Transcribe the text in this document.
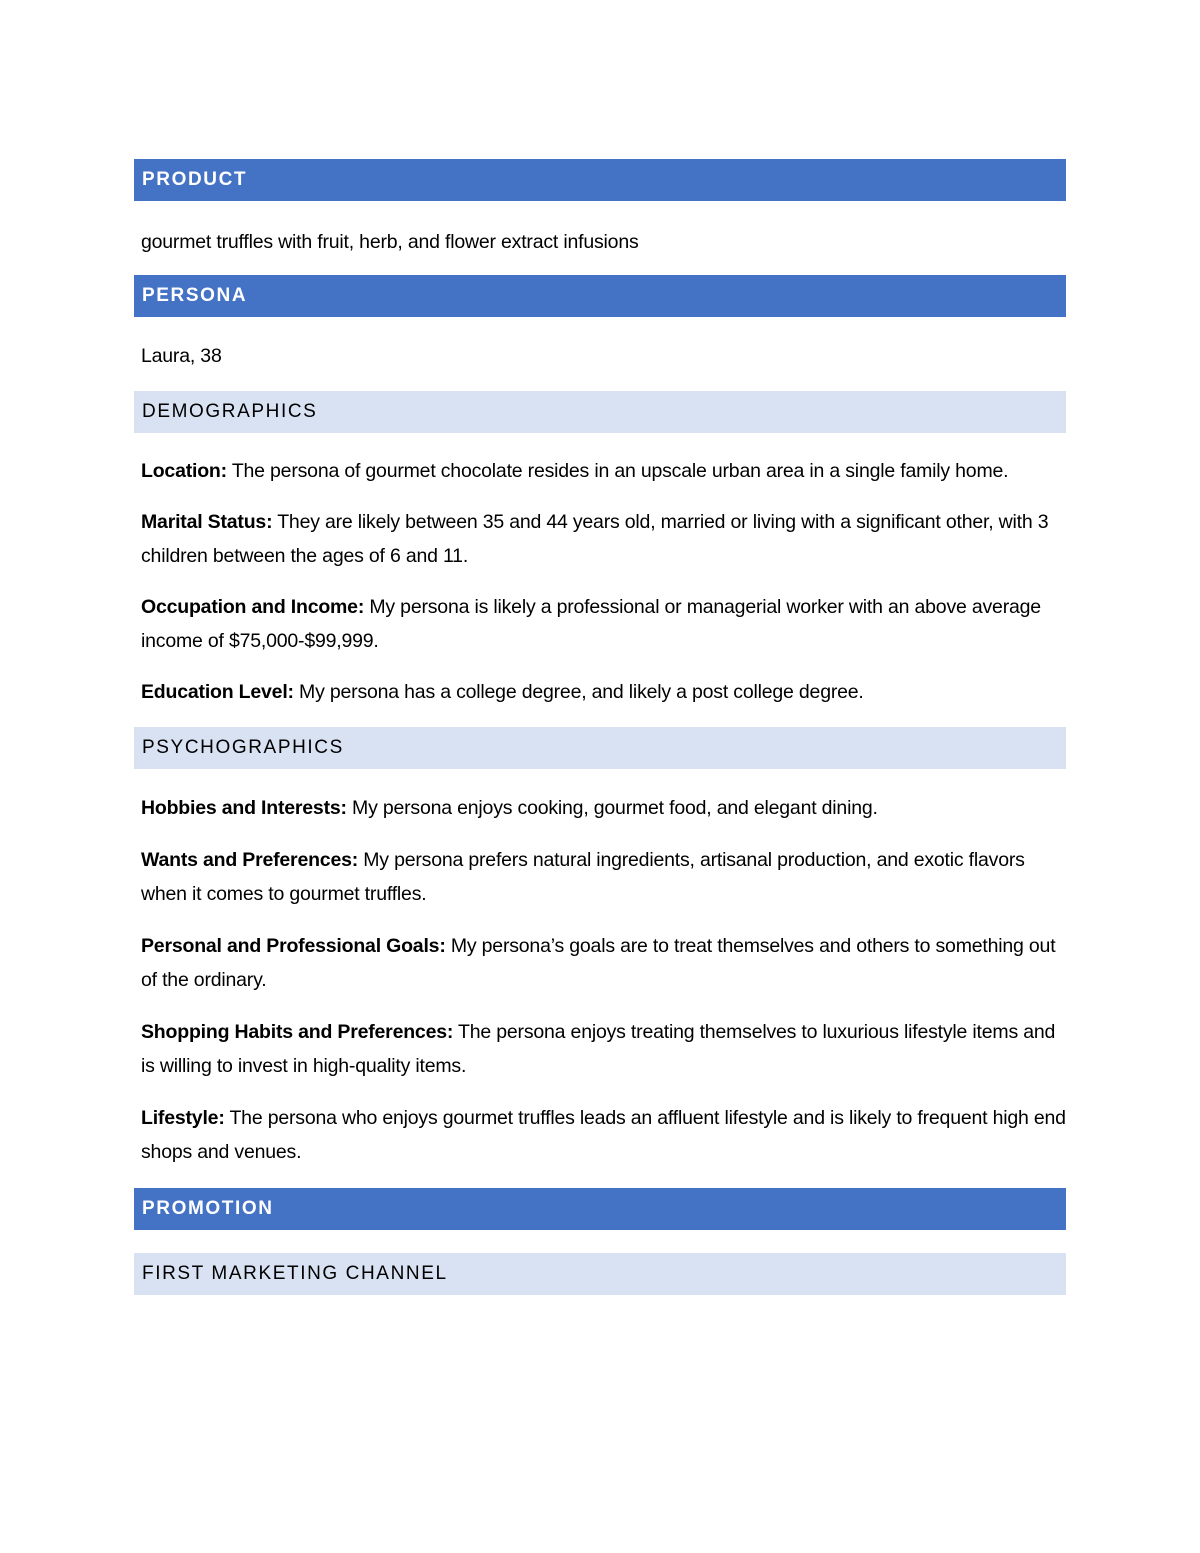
PRODUCT

gourmet truffles with fruit, herb, and flower extract infusions

PERSONA

Laura, 38

DEMOGRAPHICS

Location: The persona of gourmet chocolate resides in an upscale urban area in a single family home.

Marital Status: They are likely between 35 and 44 years old, married or living with a significant other, with 3 children between the ages of 6 and 11.

Occupation and Income: My persona is likely a professional or managerial worker with an above average income of $75,000-$99,999.

Education Level: My persona has a college degree, and likely a post college degree.

PSYCHOGRAPHICS

Hobbies and Interests: My persona enjoys cooking, gourmet food, and elegant dining.

Wants and Preferences: My persona prefers natural ingredients, artisanal production, and exotic flavors when it comes to gourmet truffles.

Personal and Professional Goals: My persona’s goals are to treat themselves and others to something out of the ordinary.

Shopping Habits and Preferences: The persona enjoys treating themselves to luxurious lifestyle items and is willing to invest in high-quality items.

Lifestyle: The persona who enjoys gourmet truffles leads an affluent lifestyle and is likely to frequent high end shops and venues.

PROMOTION
FIRST MARKETING CHANNEL
